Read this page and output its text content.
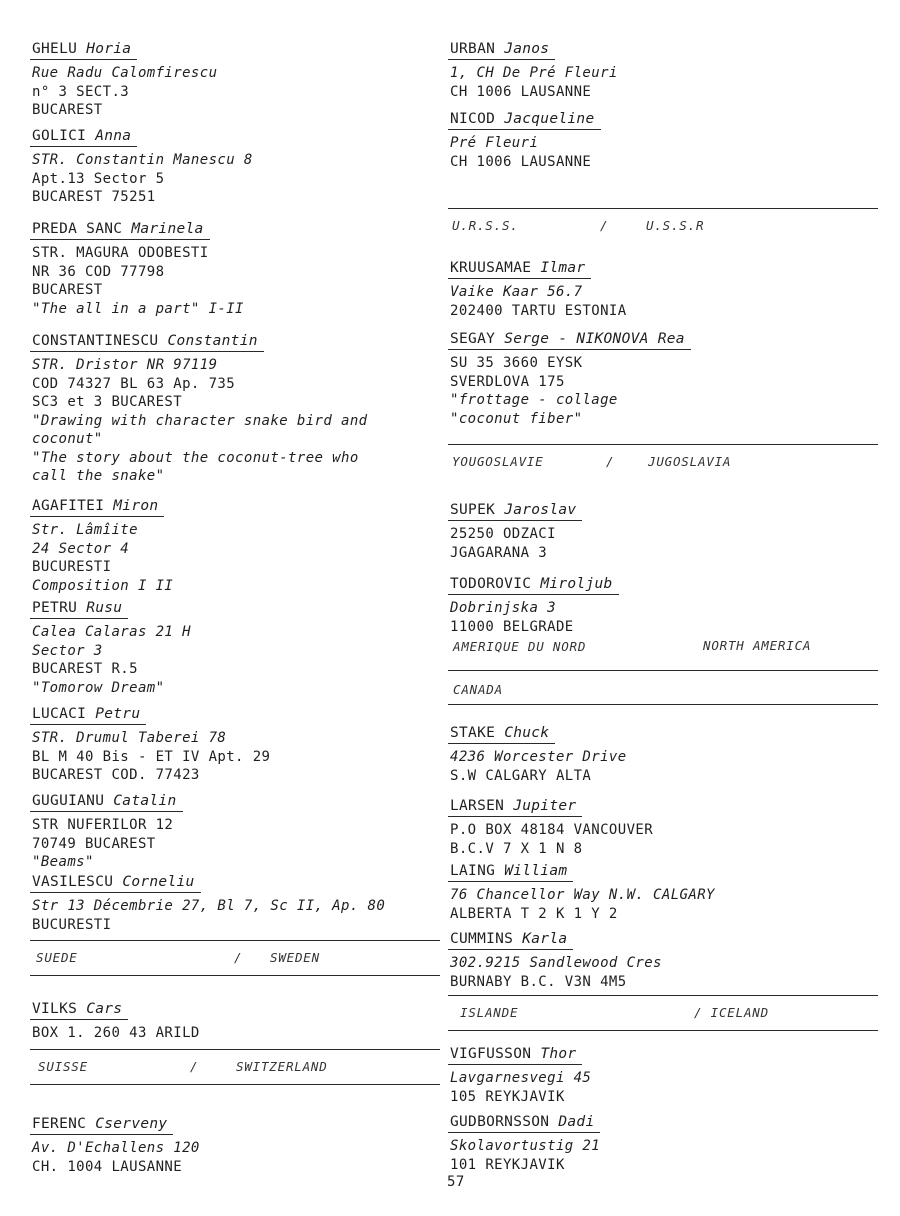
GHELU Horia
Rue Radu Calomfirescu
n° 3 SECT.3
BUCAREST
GOLICI Anna
STR. Constantin Manescu 8
Apt.13 Sector 5
BUCAREST 75251
PREDA SANC Marinela
STR. MAGURA ODOBESTI
NR 36 COD 77798
BUCAREST
"The all in a part" I-II
CONSTANTINESCU Constantin
STR. Dristor NR 97119
COD 74327 BL 63 Ap. 735
SC3 et 3 BUCAREST
"Drawing with character snake bird and
coconut"
"The story about the coconut-tree who
call the snake"
AGAFITEI Miron
Str. Lâmîite
24 Sector 4
BUCURESTI
Composition I II
PETRU Rusu
Calea Calaras 21 H
Sector 3
BUCAREST R.5
"Tomorow Dream"
LUCACI Petru
STR. Drumul Taberei 78
BL M 40 Bis - ET IV Apt. 29
BUCAREST COD. 77423
GUGUIANU Catalin
STR NUFERILOR 12
70749 BUCAREST
"Beams"
VASILESCU Corneliu
Str 13 Décembrie 27, Bl 7, Sc II, Ap. 80
BUCURESTI
SUEDE	/ SWEDEN
VILKS Cars
BOX 1. 260 43 ARILD
SUISSE	/	SWITZERLAND
FERENC Cserveny
Av. D'Echallens 120
CH. 1004 LAUSANNE
URBAN Janos
1, CH De Pré Fleuri
CH 1006 LAUSANNE
NICOD Jacqueline
Pré Fleuri
CH 1006 LAUSANNE
U.R.S.S.	/	U.S.S.R
KRUUSAMAE Ilmar
Vaike Kaar 56.7
202400 TARTU ESTONIA
SEGAY Serge - NIKONOVA Rea
SU 35 3660 EYSK
SVERDLOVA 175
"frottage - collage
"coconut fiber"
YOUGOSLAVIE	/	JUGOSLAVIA
SUPEK Jaroslav
25250 ODZACI
JGAGARANA 3
TODOROVIC Miroljub
Dobrinjska 3
11000 BELGRADE
AMERIQUE DU NORD	NORTH AMERICA
CANADA
STAKE Chuck
4236 Worcester Drive
S.W CALGARY ALTA
LARSEN Jupiter
P.O BOX 48184 VANCOUVER
B.C.V 7 X 1 N 8
LAING William
76 Chancellor Way N.W. CALGARY
ALBERTA T 2 K 1 Y 2
CUMMINS Karla
302.9215 Sandlewood Cres
BURNABY B.C. V3N 4M5
ISLANDE	/ ICELAND
VIGFUSSON Thor
Lavgarnesvegi 45
105 REYKJAVIK
GUDBORNSSON Dadi
Skolavortustig 21
101 REYKJAVIK
57
